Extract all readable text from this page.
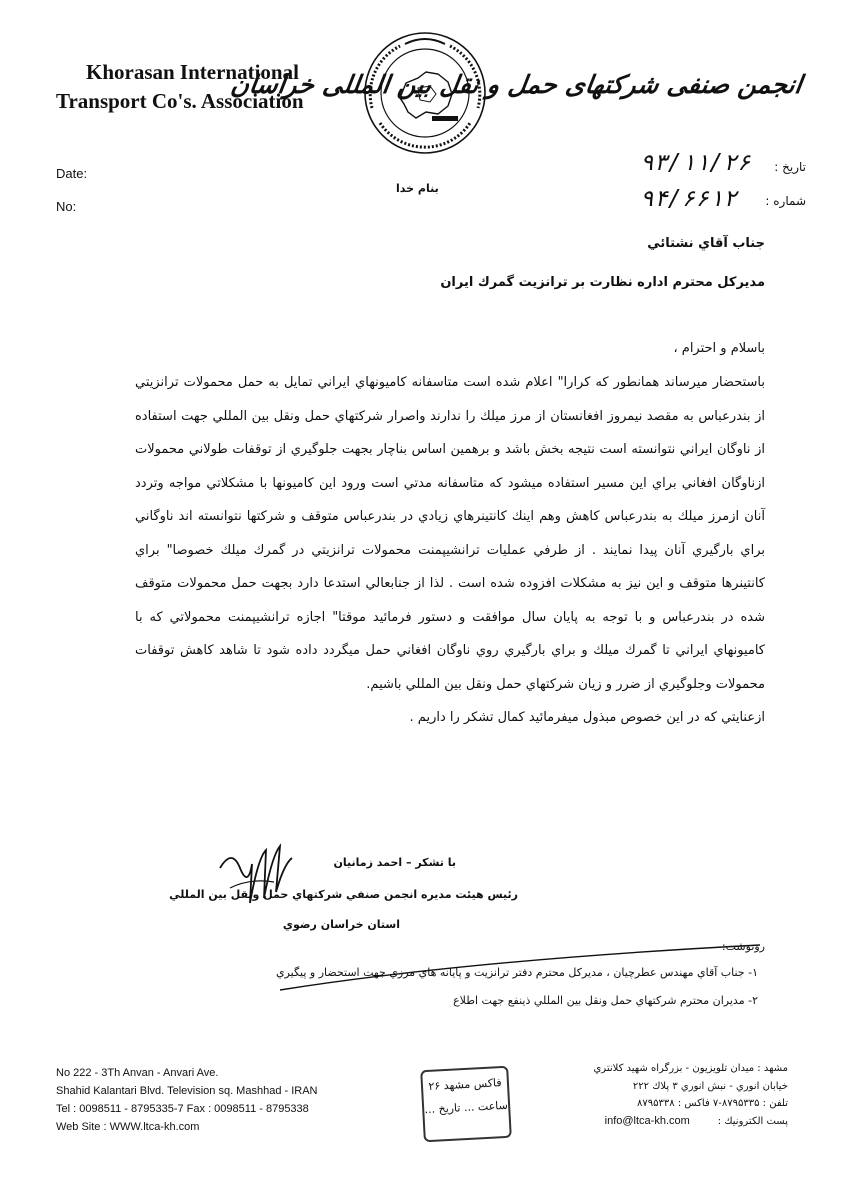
Khorasan International
Transport Co's. Association
انجمن صنفی شرکتهای حمل و نقل بین المللی خراسان
بنام خدا
Date:
No:
تاريخ :
شماره :
۹۳/۱۱/۲۶
۹۴/۶۶۱۲
جناب آقاي نشتائي
مديركل محترم اداره نظارت بر ترانزيت گمرك ايران
باسلام و احترام ،

باستحضار ميرساند همانطور كه كرارا" اعلام شده است متاسفانه كاميونهاي ايراني تمايل به حمل محمولات ترانزيتي از بندرعباس به مقصد نيمروز افغانستان از مرز ميلك را ندارند واصرار شركتهاي حمل ونقل بين المللي جهت استفاده از ناوگان ايراني نتوانسته است نتيجه بخش باشد و برهمين اساس بناچار بجهت جلوگيري از توقفات طولاني محمولات ازناوگان افغاني براي اين مسير استفاده ميشود كه متاسفانه مدتي است ورود اين كاميونها با مشكلاتي مواجه وتردد آنان ازمرز ميلك به بندرعباس كاهش وهم اينك كانتينرهاي زيادي در بندرعباس متوقف و شركتها نتوانسته اند ناوگاني براي بارگيري آنان پيدا نمايند . از طرفي عمليات ترانشيپمنت محمولات ترانزيتي در گمرك ميلك خصوصا" براي كانتينرها متوقف و اين نيز به مشكلات افزوده شده است . لذا از جنابعالي استدعا دارد بجهت حمل محمولات متوقف شده در بندرعباس و با توجه به پايان سال موافقت و دستور فرمائيد موقتا" اجازه ترانشيپمنت محمولاتي كه با كاميونهاي ايراني تا گمرك ميلك و براي بارگيري روي ناوگان افغاني حمل ميگردد داده شود تا شاهد كاهش توقفات محمولات وجلوگيري از ضرر و زيان شركتهاي حمل ونقل بين المللي باشيم.

ازعنايتي كه در اين خصوص مبذول ميفرمائيد كمال تشكر را داريم .

با تشكر – احمد زمانيان
رئيس هيئت مديره انجمن صنفي شركتهاي حمل ونقل بين المللي
استان خراسان رضوي
رونوشت:
۱- جناب آقاي مهندس عطرچيان ، مديركل محترم دفتر ترانزيت و پايانه هاي مرزي جهت استحضار و پيگيري
۲- مديران محترم شركتهاي حمل ونقل بين المللي ذينفع جهت اطلاع
No 222 - 3Th Anvan - Anvari Ave.
Shahid Kalantari Blvd. Television sq. Mashhad - IRAN
Tel : 0098511 - 8795335-7 Fax : 0098511 - 8795338
Web Site : WWW.ltca-kh.com
فاكس مشهد ۲۶
ساعت ... تاريخ ...
مشهد : ميدان تلويزيون - بزرگراه شهيد كلانتري
خيابان انوري - نبش انوري ۳ پلاك ۲۲۲
تلفن : ۸۷۹۵۳۳۵-۷ فاكس : ۸۷۹۵۳۳۸
پست الكترونيك :
info@ltca-kh.com
